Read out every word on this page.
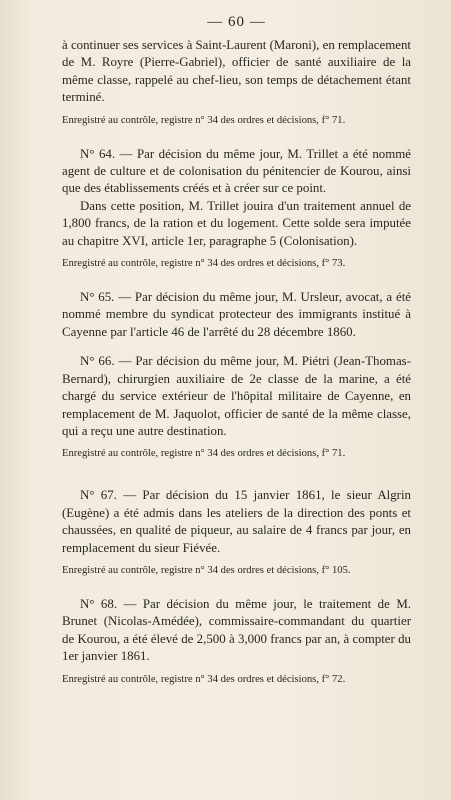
— 60 —

à continuer ses services à Saint-Laurent (Maroni), en remplacement de M. Royre (Pierre-Gabriel), officier de santé auxiliaire de la même classe, rappelé au chef-lieu, son temps de détachement étant terminé.

Enregistré au contrôle, registre n° 34 des ordres et décisions, f° 71.

N° 64. — Par décision du même jour, M. Trillet a été nommé agent de culture et de colonisation du pénitencier de Kourou, ainsi que des établissements créés et à créer sur ce point.

Dans cette position, M. Trillet jouira d'un traitement annuel de 1,800 francs, de la ration et du logement. Cette solde sera imputée au chapitre XVI, article 1er, paragraphe 5 (Colonisation).

Enregistré au contrôle, registre n° 34 des ordres et décisions, f° 73.

N° 65. — Par décision du même jour, M. Ursleur, avocat, a été nommé membre du syndicat protecteur des immigrants institué à Cayenne par l'article 46 de l'arrêté du 28 décembre 1860.

N° 66. — Par décision du même jour, M. Piétri (Jean-Thomas-Bernard), chirurgien auxiliaire de 2e classe de la marine, a été chargé du service extérieur de l'hôpital militaire de Cayenne, en remplacement de M. Jaquolot, officier de santé de la même classe, qui a reçu une autre destination.

Enregistré au contrôle, registre n° 34 des ordres et décisions, f° 71.

N° 67. — Par décision du 15 janvier 1861, le sieur Algrin (Eugène) a été admis dans les ateliers de la direction des ponts et chaussées, en qualité de piqueur, au salaire de 4 francs par jour, en remplacement du sieur Fiévée.

Enregistré au contrôle, registre n° 34 des ordres et décisions, f° 105.

N° 68. — Par décision du même jour, le traitement de M. Brunet (Nicolas-Amédée), commissaire-commandant du quartier de Kourou, a été élevé de 2,500 à 3,000 francs par an, à compter du 1er janvier 1861.

Enregistré au contrôle, registre n° 34 des ordres et décisions, f° 72.
